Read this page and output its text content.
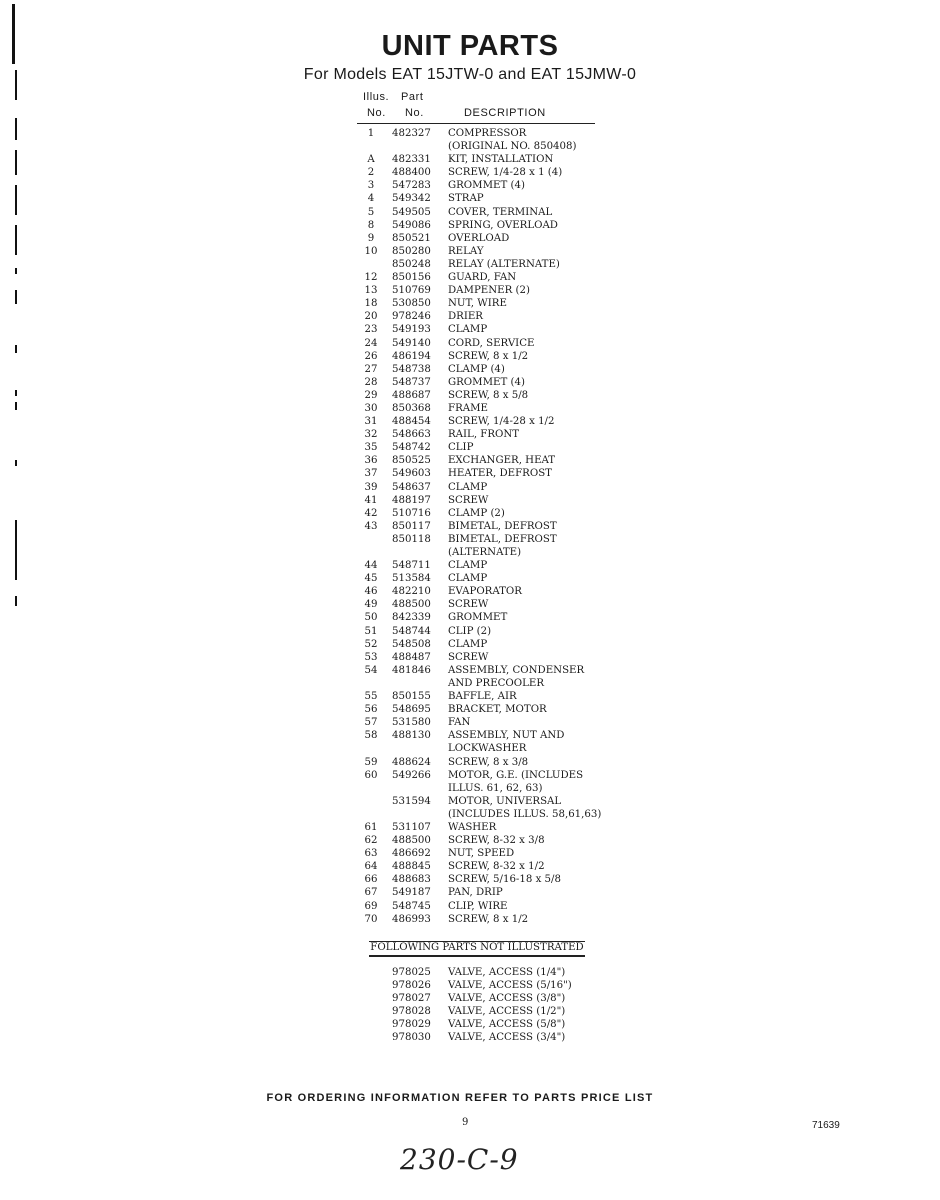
UNIT PARTS
For Models EAT 15JTW-0 and EAT 15JMW-0
Illus. Part
No. No.	DESCRIPTION
1	482327	COMPRESSOR
(ORIGINAL NO. 850408)
A	482331	KIT, INSTALLATION
2	488400	SCREW, 1/4-28 x 1 (4)
3	547283	GROMMET (4)
4	549342	STRAP
5	549505	COVER, TERMINAL
8	549086	SPRING, OVERLOAD
9	850521	OVERLOAD
10	850280	RELAY
850248	RELAY (ALTERNATE)
12	850156	GUARD, FAN
13	510769	DAMPENER (2)
18	530850	NUT, WIRE
20	978246	DRIER
23	549193	CLAMP
24	549140	CORD, SERVICE
26	486194	SCREW, 8 x 1/2
27	548738	CLAMP (4)
28	548737	GROMMET (4)
29	488687	SCREW, 8 x 5/8
30	850368	FRAME
31	488454	SCREW, 1/4-28 x 1/2
32	548663	RAIL, FRONT
35	548742	CLIP
36	850525	EXCHANGER, HEAT
37	549603	HEATER, DEFROST
39	548637	CLAMP
41	488197	SCREW
42	510716	CLAMP (2)
43	850117	BIMETAL, DEFROST
850118	BIMETAL, DEFROST
(ALTERNATE)
44	548711	CLAMP
45	513584	CLAMP
46	482210	EVAPORATOR
49	488500	SCREW
50	842339	GROMMET
51	548744	CLIP (2)
52	548508	CLAMP
53	488487	SCREW
54	481846	ASSEMBLY, CONDENSER
AND PRECOOLER
55	850155	BAFFLE, AIR
56	548695	BRACKET, MOTOR
57	531580	FAN
58	488130	ASSEMBLY, NUT AND
LOCKWASHER
59	488624	SCREW, 8 x 3/8
60	549266	MOTOR, G.E. (INCLUDES
ILLUS. 61, 62, 63)
531594	MOTOR, UNIVERSAL
(INCLUDES ILLUS. 58,61,63)
61	531107	WASHER
62	488500	SCREW, 8-32 x 3/8
63	486692	NUT, SPEED
64	488845	SCREW, 8-32 x 1/2
66	488683	SCREW, 5/16-18 x 5/8
67	549187	PAN, DRIP
69	548745	CLIP, WIRE
70	486993	SCREW, 8 x 1/2
FOLLOWING PARTS NOT ILLUSTRATED
978025	VALVE, ACCESS (1/4")
978026	VALVE, ACCESS (5/16")
978027	VALVE, ACCESS (3/8")
978028	VALVE, ACCESS (1/2")
978029	VALVE, ACCESS (5/8")
978030	VALVE, ACCESS (3/4")
FOR ORDERING INFORMATION REFER TO PARTS PRICE LIST
9	71639
230-C-9
